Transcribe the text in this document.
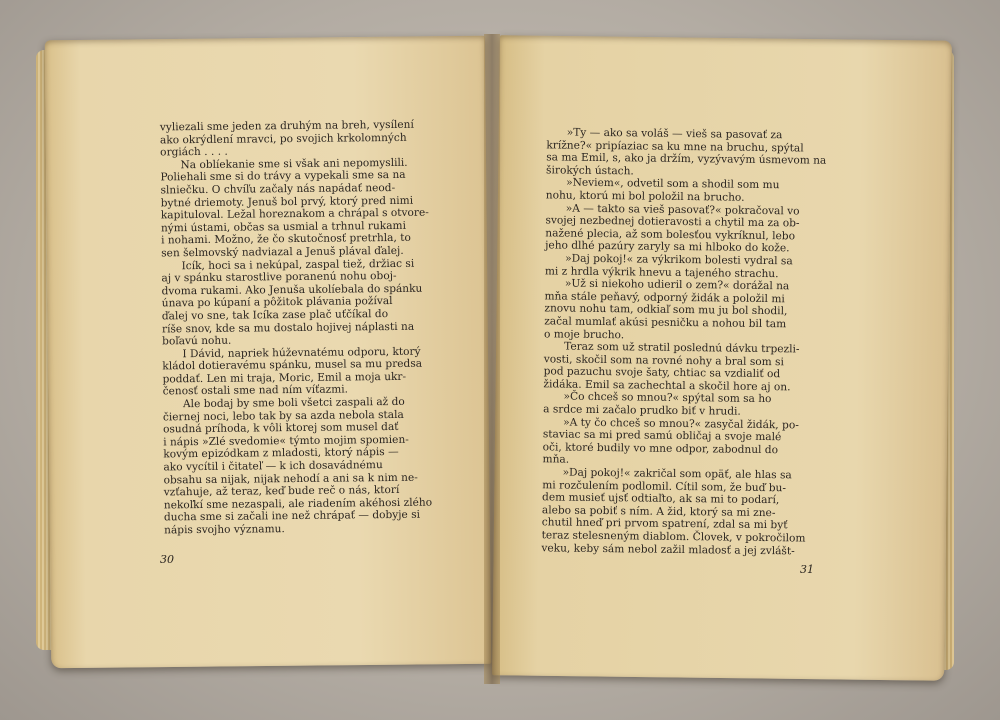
vyliezali sme jeden za druhým na breh, vysílení

ako okrýdlení mravci, po svojich krkolomných

orgiách . . . .

Na oblíekanie sme si však ani nepomyslili.

Poliehali sme si do trávy a vypekali sme sa na

slniečku. O chvíľu začaly nás napádať neod-

bytné driemoty. Jenuš bol prvý, ktorý pred nimi

kapituloval. Ležal horeznakom a chrápal s otvore-

nými ústami, občas sa usmial a trhnul rukami

i nohami. Možno, že čo skutočnosť pretrhla, to

sen šelmovský nadviazal a Jenuš plával ďalej.

Icík, hoci sa i nekúpal, zaspal tiež, držiac si

aj v spánku starostlive poranenú nohu oboj-

dvoma rukami. Ako Jenuša ukolíebala do spánku

únava po kúpaní a pôžitok plávania požíval

ďalej vo sne, tak Icíka zase plač uťčíkal do

ríše snov, kde sa mu dostalo hojivej náplasti na

boľavú nohu.

I Dávid, napriek húževnatému odporu, ktorý

kládol dotieravému spánku, musel sa mu predsa

poddať. Len mi traja, Moric, Emil a moja ukr-

čenosť ostali sme nad ním víťazmi.

Ale bodaj by sme boli všetci zaspali až do

čiernej noci, lebo tak by sa azda nebola stala

osudná príhoda, k vôli ktorej som musel dať

i nápis »Zlé svedomie« týmto mojim spomien-

kovým epizódkam z mladosti, ktorý nápis —

ako vycítil i čitateľ — k ich dosavádnému

obsahu sa nijak, nijak nehodí a ani sa k nim ne-

vzťahuje, až teraz, keď bude reč o nás, ktorí

nekoľkí sme nezaspali, ale riadením akéhosi zlého

ducha sme si začali ine než chrápať — dobyje si

nápis svojho významu.

»Ty — ako sa voláš — vieš sa pasovať za

krížne?« pripíaziac sa ku mne na bruchu, spýtal

sa ma Emil, s, ako ja držím, vyzývavým úsmevom na

širokých ústach.

»Neviem«, odvetil som a shodil som mu

nohu, ktorú mi bol položil na brucho.

»A — takto sa vieš pasovať?« pokračoval vo

svojej nezbednej dotieravosti a chytil ma za ob-

nažené plecia, až som bolesťou vykríknul, lebo

jeho dlhé pazúry zaryly sa mi hlboko do kože.

»Daj pokoj!« za výkrikom bolesti vydral sa

mi z hrdla výkrik hnevu a tajeného strachu.

»Už si niekoho udieril o zem?« dorážal na

mňa stále peňavý, odporný židák a položil mi

znovu nohu tam, odkiaľ som mu ju bol shodil,

začal mumlať akúsi pesničku a nohou bil tam

o moje brucho.

Teraz som už stratil poslednú dávku trpezli-

vosti, skočil som na rovné nohy a bral som si

pod pazuchu svoje šaty, chtiac sa vzdialiť od

židáka. Emil sa zachechtal a skočil hore aj on.

»Čo chceš so mnou?« spýtal som sa ho

a srdce mi začalo prudko biť v hrudi.

»A ty čo chceš so mnou?« zasyčal židák, po-

staviac sa mi pred samú obličaj a svoje malé

oči, ktoré budily vo mne odpor, zabodnul do

mňa.

»Daj pokoj!« zakričal som opäť, ale hlas sa

mi rozčulením podlomil. Cítil som, že buď bu-

dem musieť ujsť odtiaľto, ak sa mi to podarí,

alebo sa pobiť s ním. A žid, ktorý sa mi zne-

chutil hneď pri prvom spatrení, zdal sa mi byť

teraz stelesneným diablom. Človek, v pokročilom

veku, keby sám nebol zažil mladosť a jej zvlášt-

30
31
